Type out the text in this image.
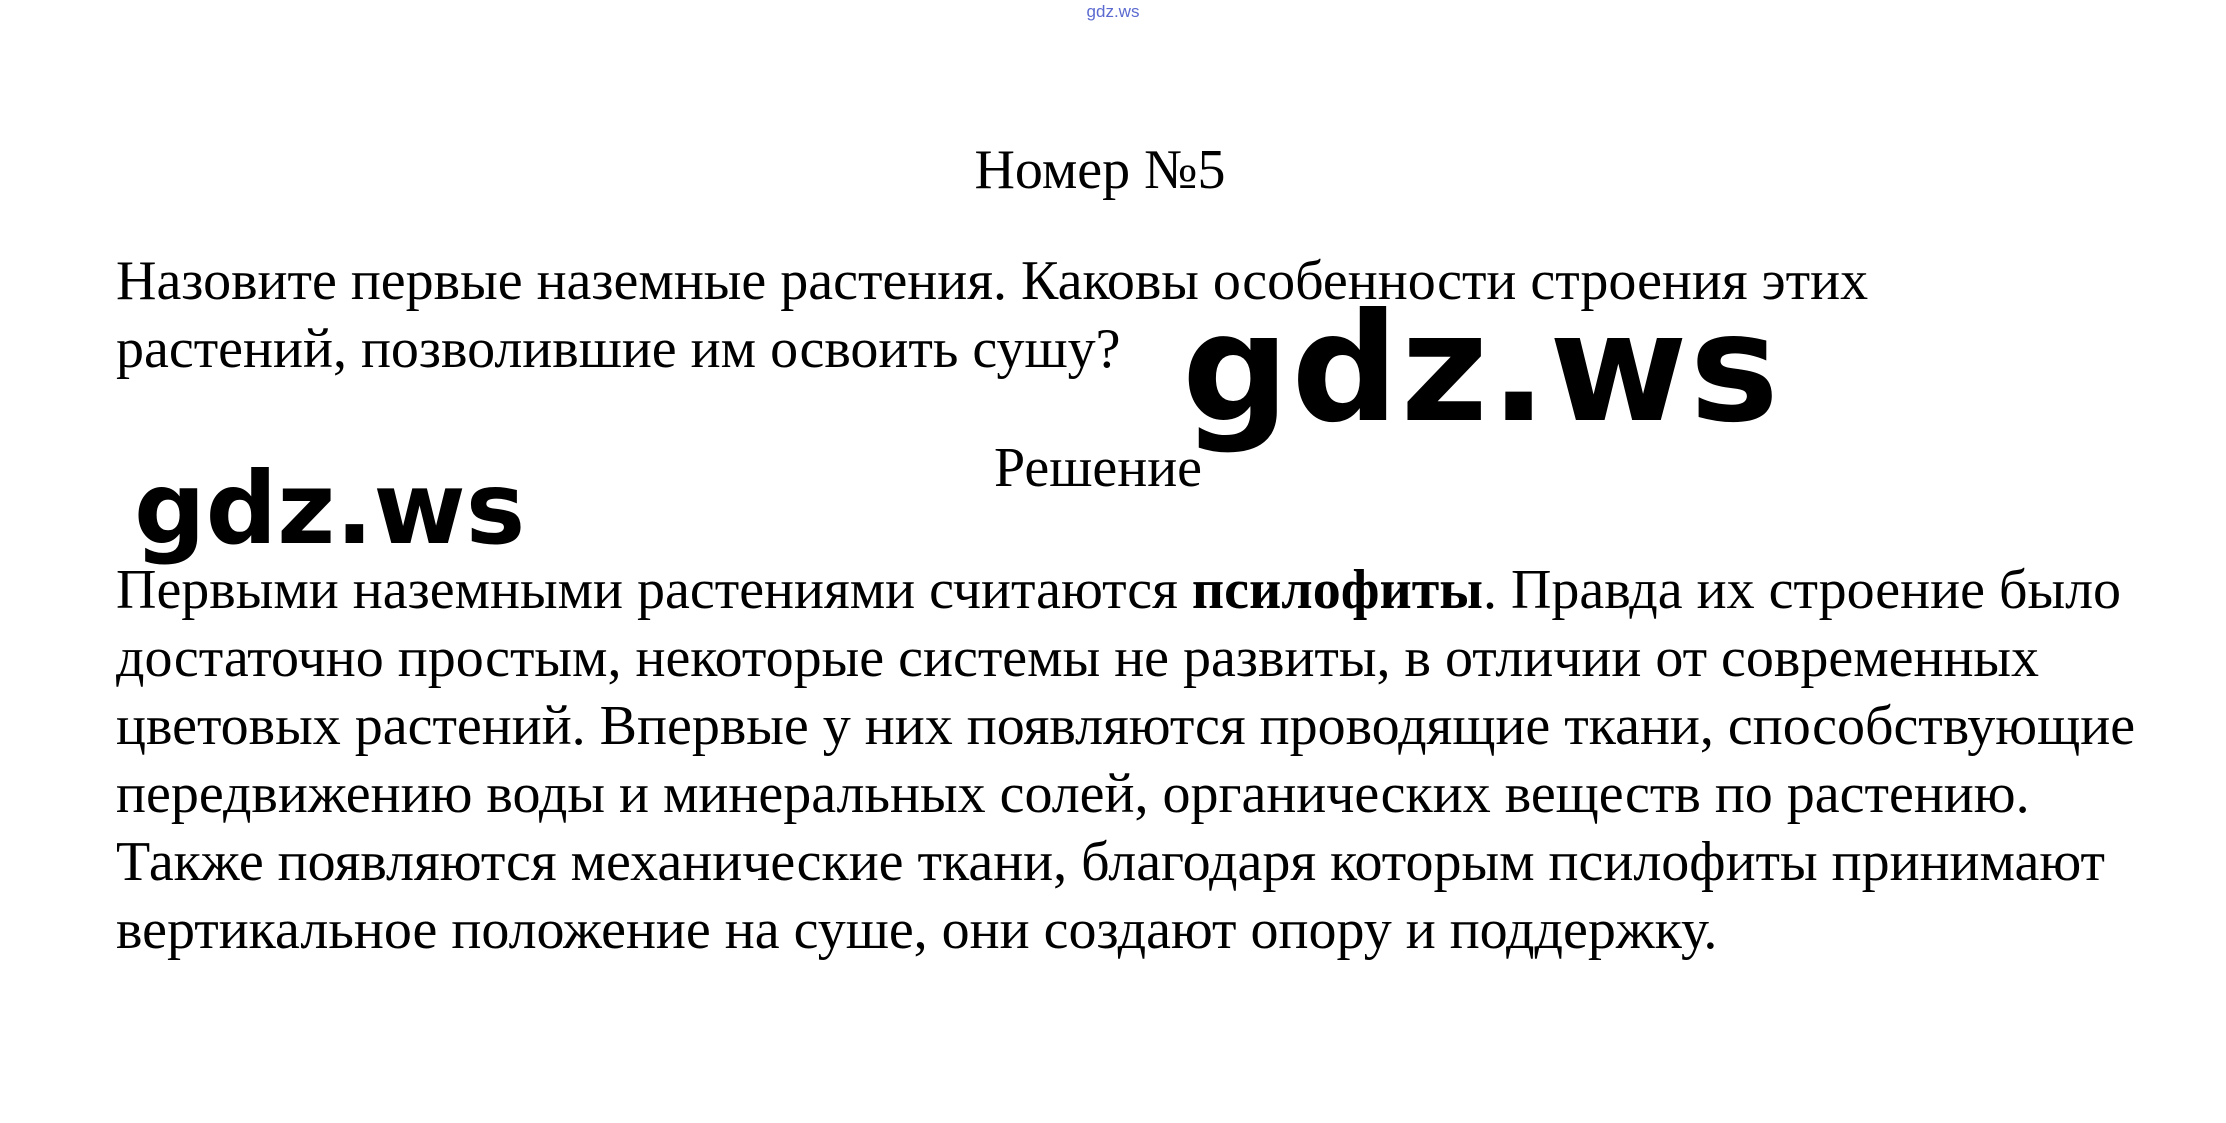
gdz.ws
Номер №5

Назовите первые наземные растения. Каковы особенности строения этих растений, позволившие им освоить сушу?

Решение

Первыми наземными растениями считаются псилофиты. Правда их строение было достаточно простым, некоторые системы не развиты, в отличии от современных цветовых растений. Впервые у них появляются проводящие ткани, способствующие передвижению воды и минеральных солей, органических веществ по растению. Также появляются механические ткани, благодаря которым псилофиты принимают вертикальное положение на суше, они создают опору и поддержку.

gdz.ws
gdz.ws
